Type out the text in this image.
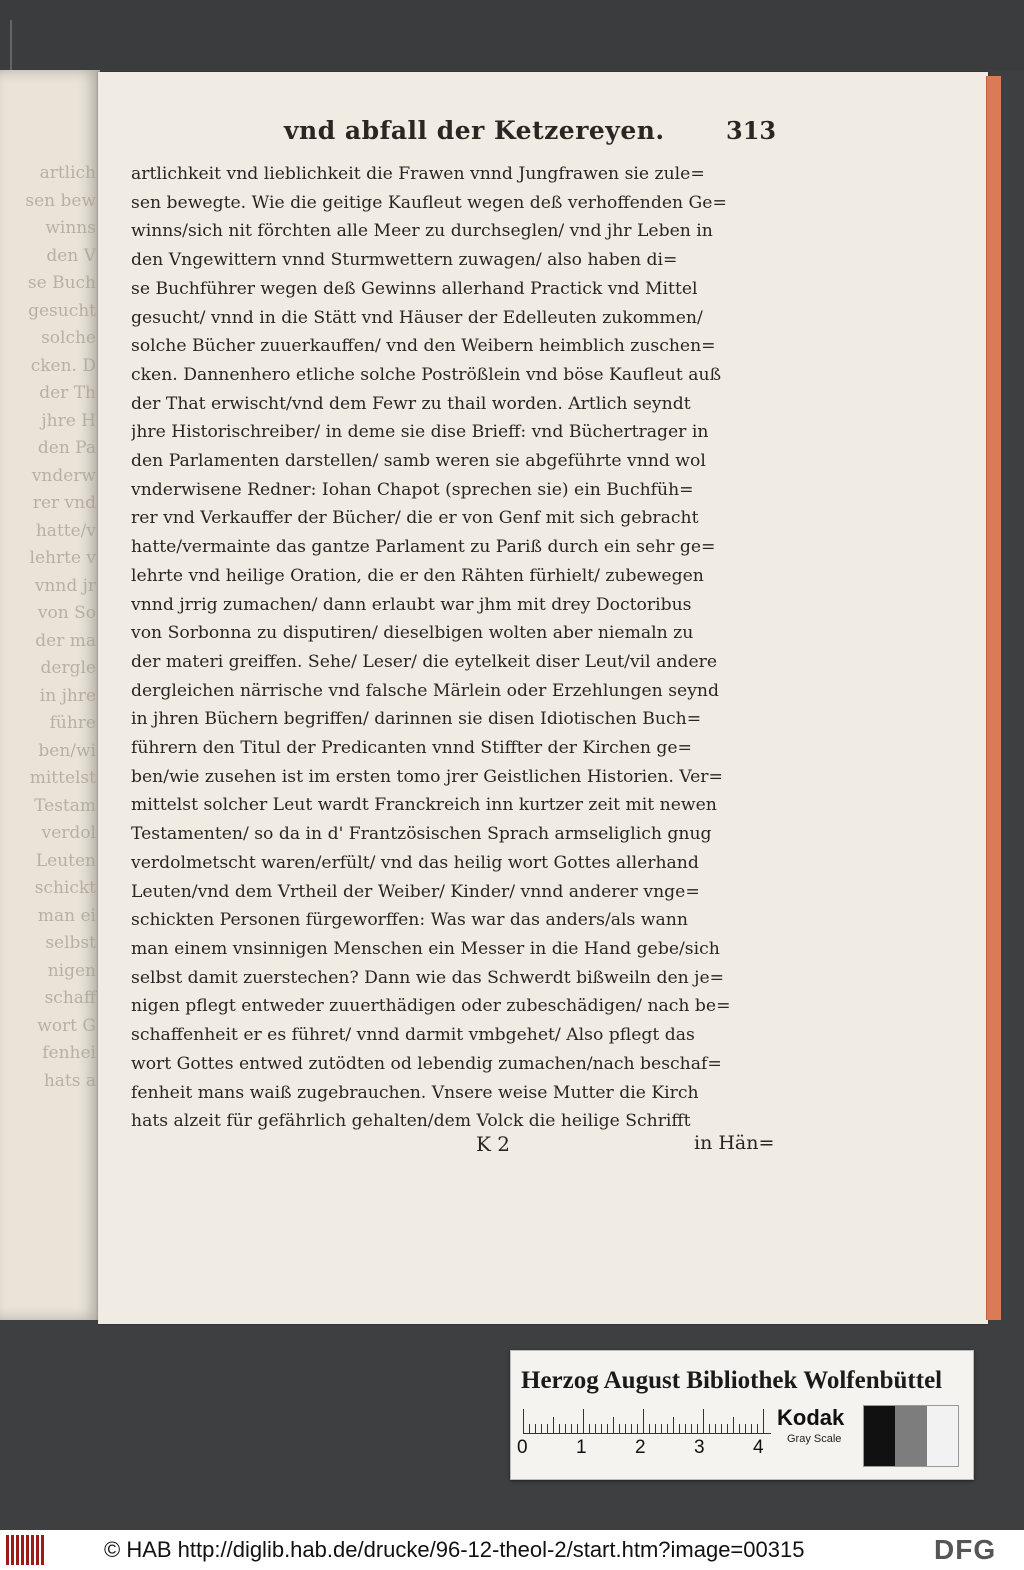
artlich
sen bew
winns
den V
se Buch
gesucht
solche
cken. D
der Th
jhre H
den Pa
vnderw
rer vnd
hatte/v
lehrte v
vnnd jr
von So
der ma
dergle
in jhre
führe
ben/wi
mittelst
Testam
verdol
Leuten
schickt
man ei
selbst
nigen
schaff
wort G
fenhei
hats a
vnd abfall der Ketzereyen.	313
artlichkeit vnd lieblichkeit die Frawen vnnd Jungfrawen sie zule=
sen bewegte. Wie die geitige Kaufleut wegen deß verhoffenden Ge=
winns/sich nit förchten alle Meer zu durchseglen/ vnd jhr Leben in
den Vngewittern vnnd Sturmwettern zuwagen/ also haben di=
se Buchführer wegen deß Gewinns allerhand Practick vnd Mittel
gesucht/ vnnd in die Stätt vnd Häuser der Edelleuten zukommen/
solche Bücher zuuerkauffen/ vnd den Weibern heimblich zuschen=
cken. Dannenhero etliche solche Poströßlein vnd böse Kaufleut auß
der That erwischt/vnd dem Fewr zu thail worden. Artlich seyndt
jhre Historischreiber/ in deme sie dise Brieff: vnd Büchertrager in
den Parlamenten darstellen/ samb weren sie abgeführte vnnd wol
vnderwisene Redner: Iohan Chapot (sprechen sie) ein Buchfüh=
rer vnd Verkauffer der Bücher/ die er von Genf mit sich gebracht
hatte/vermainte das gantze Parlament zu Pariß durch ein sehr ge=
lehrte vnd heilige Oration, die er den Rähten fürhielt/ zubewegen
vnnd jrrig zumachen/ dann erlaubt war jhm mit drey Doctoribus
von Sorbonna zu disputiren/ dieselbigen wolten aber niemaln zu
der materi greiffen. Sehe/ Leser/ die eytelkeit diser Leut/vil andere
dergleichen närrische vnd falsche Märlein oder Erzehlungen seynd
in jhren Büchern begriffen/ darinnen sie disen Idiotischen Buch=
führern den Titul der Predicanten vnnd Stiffter der Kirchen ge=
ben/wie zusehen ist im ersten tomo jrer Geistlichen Historien. Ver=
mittelst solcher Leut wardt Franckreich inn kurtzer zeit mit newen
Testamenten/ so da in d' Frantzösischen Sprach armseliglich gnug
verdolmetscht waren/erfült/ vnd das heilig wort Gottes allerhand
Leuten/vnd dem Vrtheil der Weiber/ Kinder/ vnnd anderer vnge=
schickten Personen fürgeworffen: Was war das anders/als wann
man einem vnsinnigen Menschen ein Messer in die Hand gebe/sich
selbst damit zuerstechen? Dann wie das Schwerdt bißweiln den je=
nigen pflegt entweder zuuerthädigen oder zubeschädigen/ nach be=
schaffenheit er es führet/ vnnd darmit vmbgehet/ Also pflegt das
wort Gottes entwed zutödten od lebendig zumachen/nach beschaf=
fenheit mans waiß zugebrauchen. Vnsere weise Mutter die Kirch
hats alzeit für gefährlich gehalten/dem Volck die heilige Schrifft
K 2	in Hän=
Herzog August Bibliothek Wolfenbüttel
0	1	2	3	4
Kodak
Gray Scale
© HAB http://diglib.hab.de/drucke/96-12-theol-2/start.htm?image=00315	DFG
